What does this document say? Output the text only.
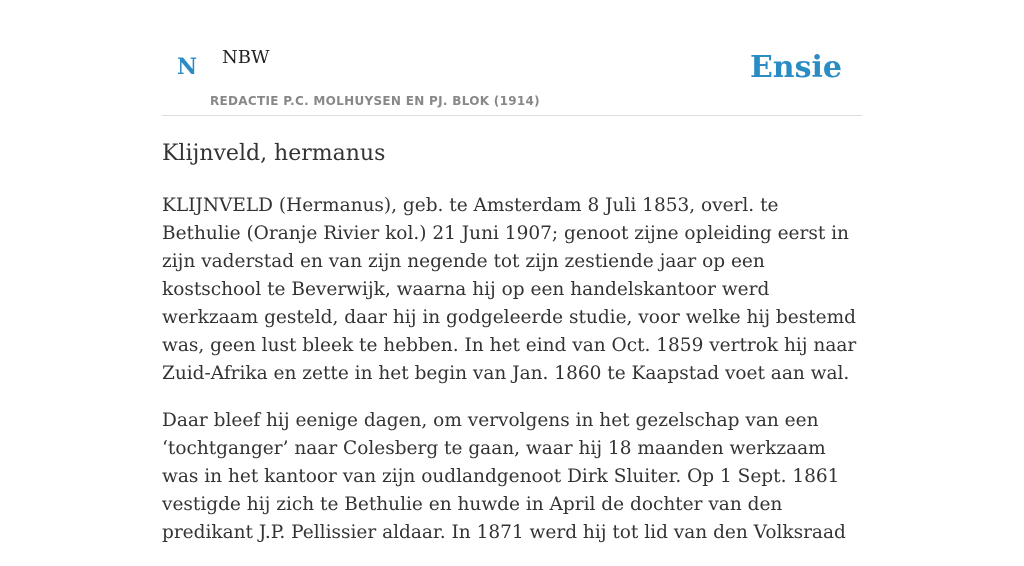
N NBW
REDACTIE P.C. MOLHUYSEN EN PJ. BLOK (1914)
Ensie
Klijnveld, hermanus

KLIJNVELD (Hermanus), geb. te Amsterdam 8 Juli 1853, overl. te Bethulie (Oranje Rivier kol.) 21 Juni 1907; genoot zijne opleiding eerst in zijn vaderstad en van zijn negende tot zijn zestiende jaar op een kostschool te Beverwijk, waarna hij op een handelskantoor werd werkzaam gesteld, daar hij in godgeleerde studie, voor welke hij bestemd was, geen lust bleek te hebben. In het eind van Oct. 1859 vertrok hij naar Zuid-Afrika en zette in het begin van Jan. 1860 te Kaapstad voet aan wal.

Daar bleef hij eenige dagen, om vervolgens in het gezelschap van een ‘tochtganger’ naar Colesberg te gaan, waar hij 18 maanden werkzaam was in het kantoor van zijn oudlandgenoot Dirk Sluiter. Op 1 Sept. 1861 vestigde hij zich te Bethulie en huwde in April de dochter van den predikant J.P. Pellissier aldaar. In 1871 werd hij tot lid van den Volksraad
